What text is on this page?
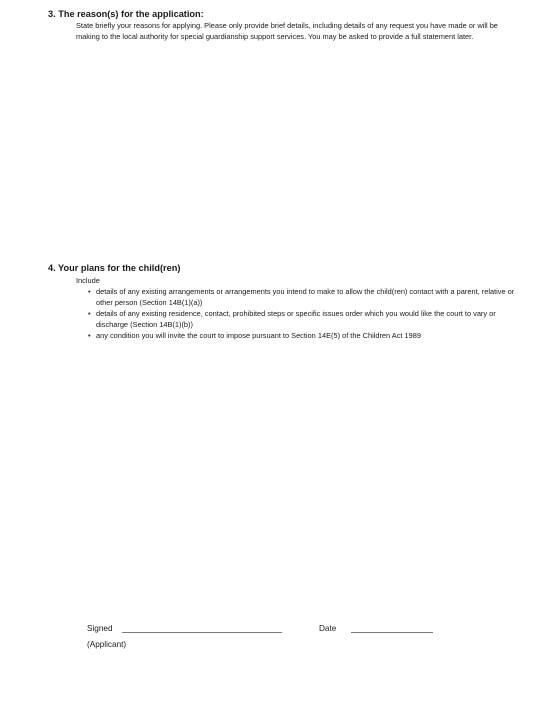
3. The reason(s) for the application:
State briefly your reasons for applying. Please only provide brief details, including details of any request you have made or will be making to the local authority for special guardianship support services. You may be asked to provide a full statement later.
4. Your plans for the child(ren)
Include
• details of any existing arrangements or arrangements you intend to make to allow the child(ren) contact with a parent, relative or other person (Section 14B(1)(a))
• details of any existing residence, contact, prohibited steps or specific issues order which you would like the court to vary or discharge (Section 14B(1)(b))
• any condition you will invite the court to impose pursuant to Section 14E(5) of the Children Act 1989
Signed	Date
(Applicant)
